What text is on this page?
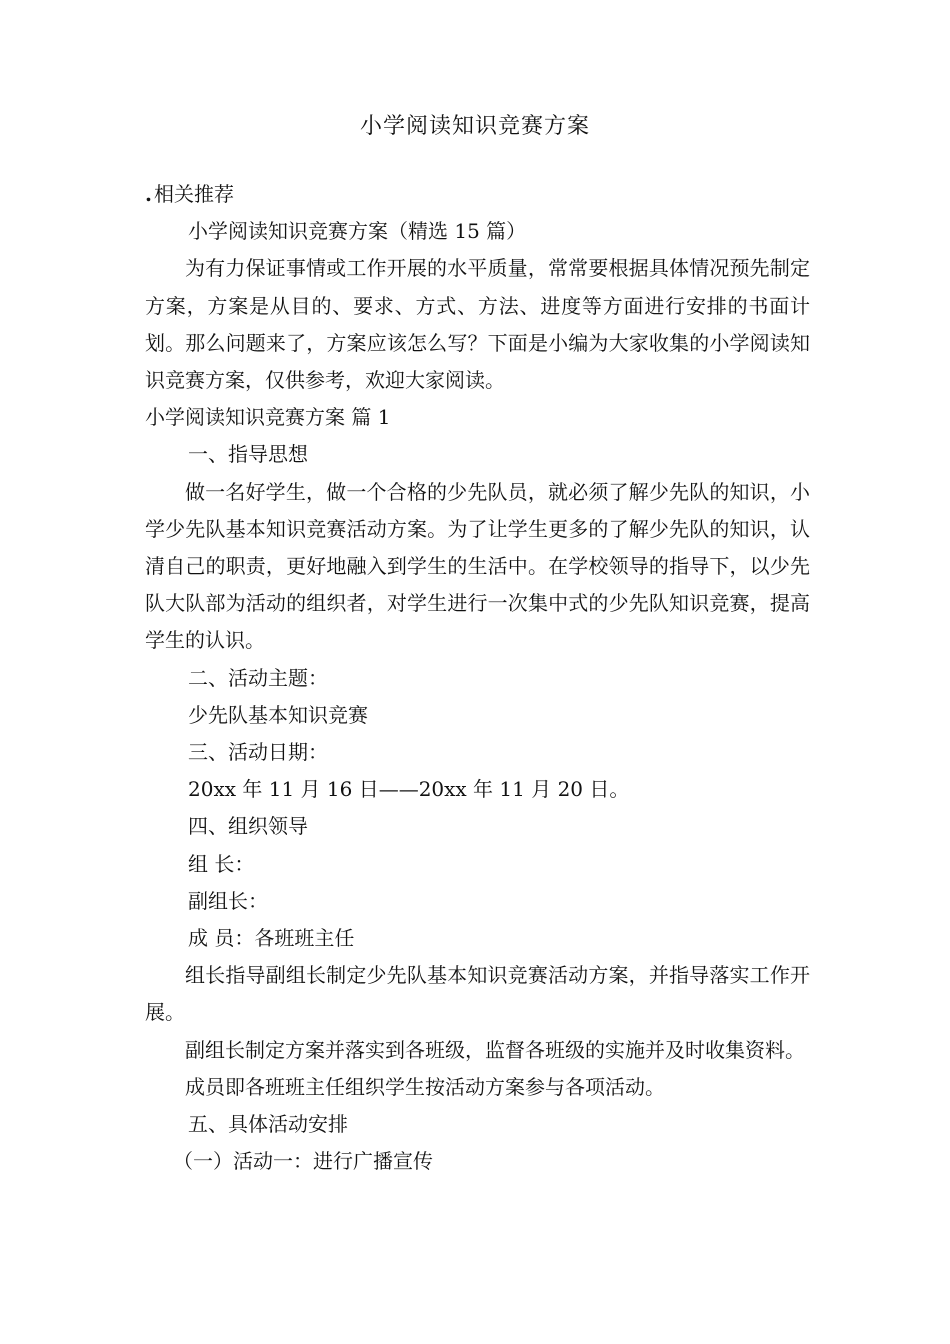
小学阅读知识竞赛方案

. 相关推荐

小学阅读知识竞赛方案（精选 15 篇）

为有力保证事情或工作开展的水平质量，常常要根据具体情况预先制定方案，方案是从目的、要求、方式、方法、进度等方面进行安排的书面计划。那么问题来了，方案应该怎么写？下面是小编为大家收集的小学阅读知识竞赛方案，仅供参考，欢迎大家阅读。

小学阅读知识竞赛方案 篇 1

一、指导思想

做一名好学生，做一个合格的少先队员，就必须了解少先队的知识，小学少先队基本知识竞赛活动方案。为了让学生更多的了解少先队的知识，认清自己的职责，更好地融入到学生的生活中。在学校领导的指导下，以少先队大队部为活动的组织者，对学生进行一次集中式的少先队知识竞赛，提高学生的认识。

二、活动主题：

少先队基本知识竞赛

三、活动日期：

20xx 年 11 月 16 日——20xx 年 11 月 20 日。

四、组织领导

组 长：

副组长：

成 员：各班班主任

组长指导副组长制定少先队基本知识竞赛活动方案，并指导落实工作开展。

副组长制定方案并落实到各班级，监督各班级的实施并及时收集资料。

成员即各班班主任组织学生按活动方案参与各项活动。

五、具体活动安排

（一）活动一：进行广播宣传
